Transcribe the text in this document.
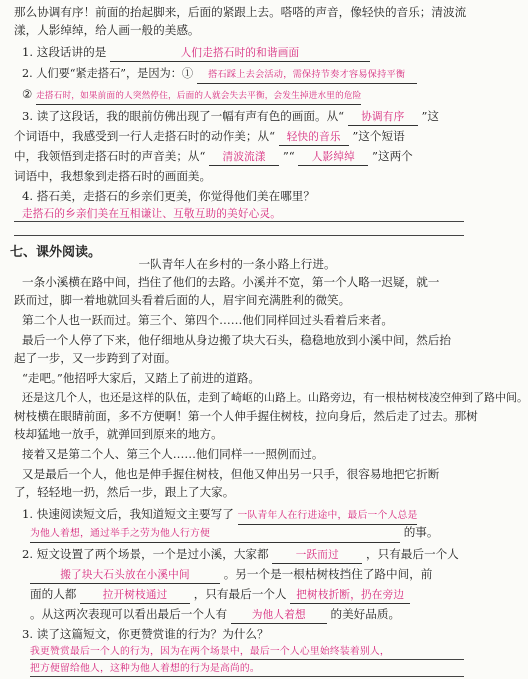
那么协调有序！前面的抬起脚来，后面的紧跟上去。嗒嗒的声音，像轻快的音乐；清波流
漾，人影绰绰，给人画一般的美感。
1. 这段话讲的是	人们走搭石时的和谐画面
2. 人们要“紧走搭石”，是因为：① 搭石踩上去会活动，需保持节奏才容易保持平衡
② 走搭石时，如果前面的人突然停住，后面的人就会失去平衡，会发生掉进水里的危险
3. 读了这段话，我的眼前仿佛出现了一幅有声有色的画面。从“ 协调有序 ”这
个词语中，我感受到一行人走搭石时的动作美；从“ 轻快的音乐 ”这个短语
中，我领悟到走搭石时的声音美；从“ 清波流漾 ”“ 人影绰绰 ”这两个
词语中，我想象到走搭石时的画面美。
4. 搭石美，走搭石的乡亲们更美，你觉得他们美在哪里？
走搭石的乡亲们美在互相谦让、互敬互助的美好心灵。
七、课外阅读。
一队青年人在乡村的一条小路上行进。
一条小溪横在路中间，挡住了他们的去路。小溪并不宽，第一个人略一迟疑，就一
跃而过，脚一着地就回头看着后面的人，眉宇间充满胜利的微笑。
第二个人也一跃而过。第三个、第四个……他们同样回过头看着后来者。
最后一个人停了下来，他仔细地从身边搬了块大石头，稳稳地放到小溪中间，然后抬
起了一步，又一步跨到了对面。
“走吧。”他招呼大家后，又踏上了前进的道路。
还是这几个人，也还是这样的队伍，走到了崎岖的山路上。山路旁边，有一根枯树枝凌空伸到了路中间。
树枝横在眼睛前面，多不方便啊！第一个人伸手握住树枝，拉向身后，然后走了过去。那树
枝却猛地一放手，就弹回到原来的地方。
接着又是第二个人、第三个人……他们同样一一照例而过。
又是最后一个人，他也是伸手握住树枝，但他又伸出另一只手，很容易地把它折断
了，轻轻地一扔，然后一步，跟上了大家。
1. 快速阅读短文后，我知道短文主要写了 一队青年人在行进途中，最后一个人总是
为他人着想，通过举手之劳为他人行方便	的事。
2. 短文设置了两个场景，一个是过小溪，大家都	一跃而过 ，只有最后一个人
搬了块大石头放在小溪中间	。另一个是一根枯树枝挡住了路中间，前
面的人都 拉开树枝通过 ，只有最后一个人 把树枝折断，扔在旁边
。从这两次表现可以看出最后一个人有 为他人着想 的美好品质。
3. 读了这篇短文，你更赞赏谁的行为？为什么？
我更赞赏最后一个人的行为，因为在两个场景中，最后一个人心里始终装着别人，
把方便留给他人，这种为他人着想的行为是高尚的。
